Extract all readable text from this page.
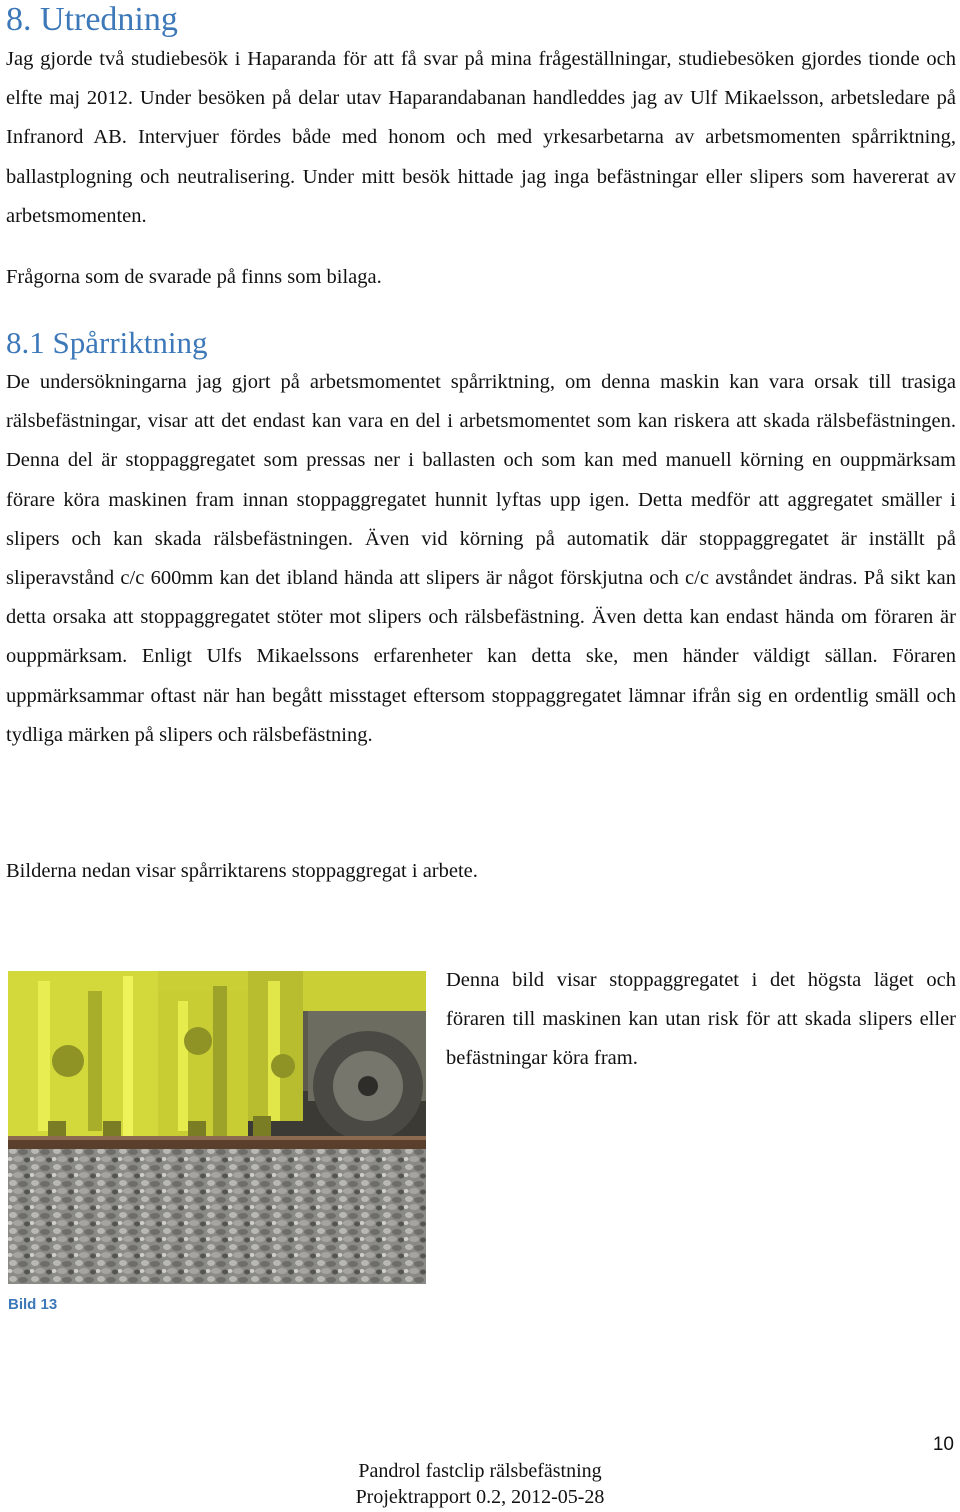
8. Utredning

Jag gjorde två studiebesök i Haparanda för att få svar på mina frågeställningar, studiebesöken gjordes tionde och elfte maj 2012. Under besöken på delar utav Haparandabanan handleddes jag av Ulf Mikaelsson, arbetsledare på Infranord AB. Intervjuer fördes både med honom och med yrkesarbetarna av arbetsmomenten spårriktning, ballastplogning och neutralisering. Under mitt besök hittade jag inga befästningar eller slipers som havererat av arbetsmomenten.

Frågorna som de svarade på finns som bilaga.

8.1 Spårriktning

De undersökningarna jag gjort på arbetsmomentet spårriktning, om denna maskin kan vara orsak till trasiga rälsbefästningar, visar att det endast kan vara en del i arbetsmomentet som kan riskera att skada rälsbefästningen. Denna del är stoppaggregatet som pressas ner i ballasten och som kan med manuell körning en ouppmärksam förare köra maskinen fram innan stoppaggregatet hunnit lyftas upp igen. Detta medför att aggregatet smäller i slipers och kan skada rälsbefästningen. Även vid körning på automatik där stoppaggregatet är inställt på sliperavstånd c/c 600mm kan det ibland hända att slipers är något förskjutna och c/c avståndet ändras. På sikt kan detta orsaka att stoppaggregatet stöter mot slipers och rälsbefästning. Även detta kan endast hända om föraren är ouppmärksam. Enligt Ulfs Mikaelssons erfarenheter kan detta ske, men händer väldigt sällan. Föraren uppmärksammar oftast när han begått misstaget eftersom stoppaggregatet lämnar ifrån sig en ordentlig smäll och tydliga märken på slipers och rälsbefästning.

Bilderna nedan visar spårriktarens stoppaggregat i arbete.

Denna bild visar stoppaggregatet i det högsta läget och föraren till maskinen kan utan risk för att skada slipers eller befästningar köra fram.

Bild 13

10

Pandrol fastclip rälsbefästning

Projektrapport 0.2, 2012-05-28
